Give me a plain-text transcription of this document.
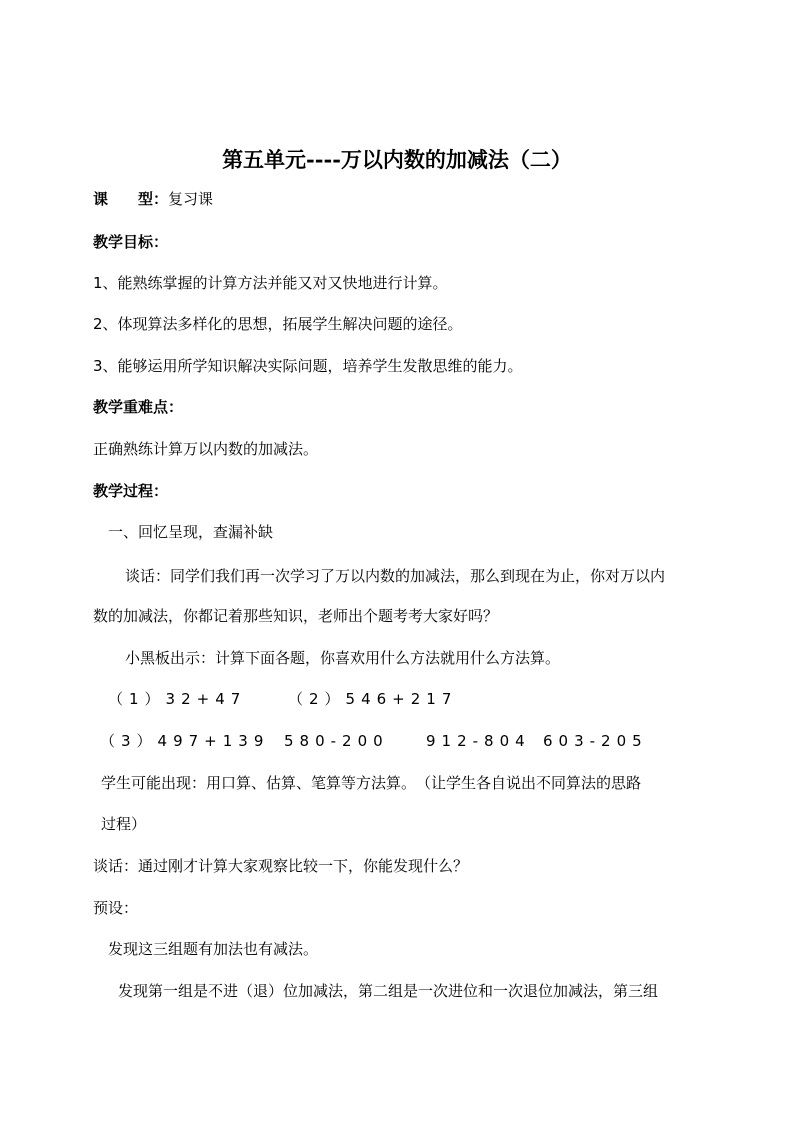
第五单元----万以内数的加减法（二）
课　　型：复习课
教学目标：
1、能熟练掌握的计算方法并能又对又快地进行计算。
2、体现算法多样化的思想，拓展学生解决问题的途径。
3、能够运用所学知识解决实际问题，培养学生发散思维的能力。
教学重难点：
正确熟练计算万以内数的加减法。
教学过程：
一、回忆呈现，查漏补缺
谈话：同学们我们再一次学习了万以内数的加减法，那么到现在为止，你对万以内
数的加减法，你都记着那些知识，老师出个题考考大家好吗？
小黑板出示：计算下面各题，你喜欢用什么方法就用什么方法算。
（1）32+47	（2）546+217
（3）497+139 580-200 912-804 603-205
学生可能出现：用口算、估算、笔算等方法算。　（让学生各自说出不同算法的思路
过程）
谈话：通过刚才计算大家观察比较一下，你能发现什么？
预设：
发现这三组题有加法也有减法。
发现第一组是不进（退）位加减法，第二组是一次进位和一次退位加减法，第三组
